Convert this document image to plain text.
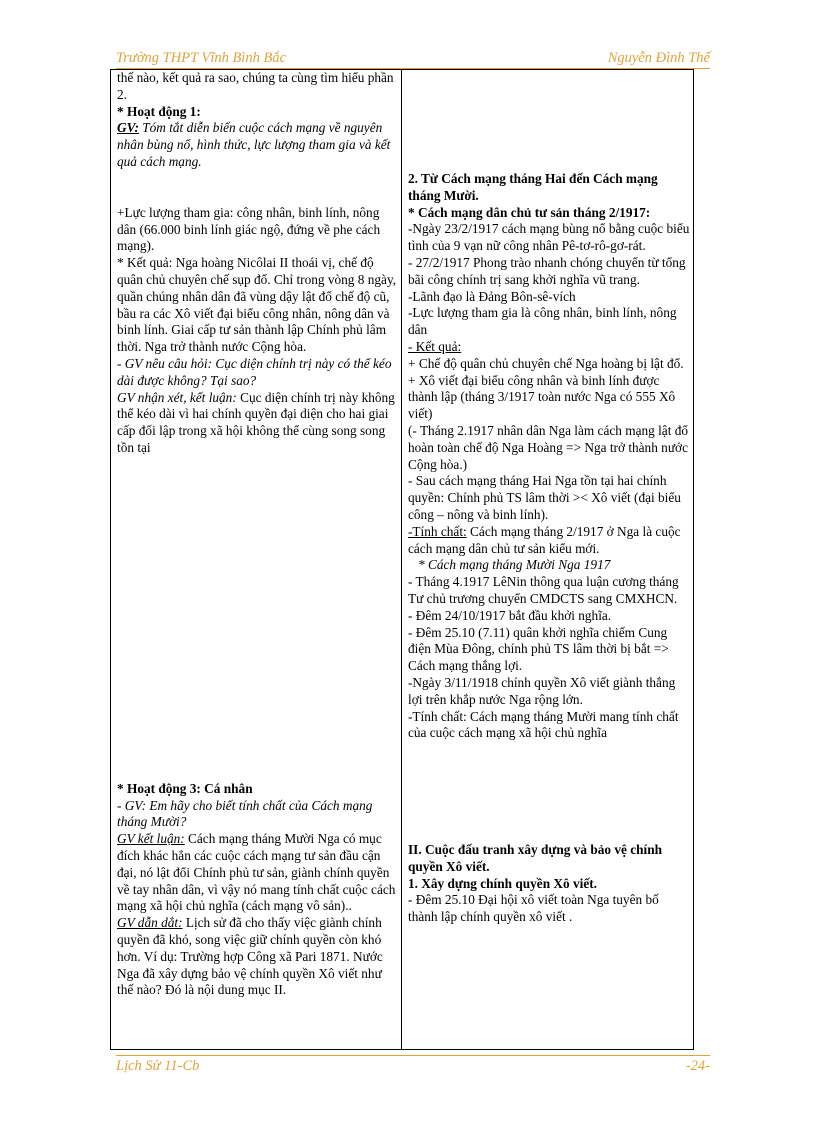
Trường THPT Vĩnh Bình Bắc	Nguyễn Đình Thế

thế nào, kết quả ra sao, chúng ta cùng tìm hiểu phần 2.

* Hoạt động 1:

GV: Tóm tắt diễn biến cuộc cách mạng về nguyên nhân bùng nổ, hình thức, lực lượng tham gia và kết quả cách mạng.

+Lực lượng tham gia: công nhân, binh lính, nông dân (66.000 binh lính giác ngộ, đứng về phe cách mạng).

* Kết quả: Nga hoàng Nicôlai II thoái vị, chế độ quân chủ chuyên chế sụp đổ. Chỉ trong vòng 8 ngày, quần chúng nhân dân đã vùng dậy lật đổ chế độ cũ, bầu ra các Xô viết đại biểu công nhân, nông dân và binh lính. Giai cấp tư sản thành lập Chính phủ lâm thời. Nga trở thành nước Cộng hòa.

- GV nêu câu hỏi: Cục diện chính trị này có thể kéo dài được không? Tại sao?

GV nhận xét, kết luận: Cục diện chính trị này không thể kéo dài vì hai chính quyền đại diện cho hai giai cấp đối lập trong xã hội không thể cùng song song tồn tại

* Hoạt động 3: Cá nhân

- GV: Em hãy cho biết tính chất của Cách mạng tháng Mười?

GV kết luận: Cách mạng tháng Mười Nga có mục đích khác hẳn các cuộc cách mạng tư sản đầu cận đại, nó lật đổi Chính phủ tư sản, giành chính quyền về tay nhân dân, vì vậy nó mang tính chất cuộc cách mạng xã hội chủ nghĩa (cách mạng vô sản)..

GV dẫn dắt: Lịch sử đã cho thấy việc giành chính quyền đã khó, song việc giữ chính quyền còn khó hơn. Ví dụ: Trường hợp Công xã Pari 1871. Nước Nga đã xây dựng bảo vệ chính quyền Xô viết như thế nào? Đó là nội dung mục II.

2. Từ Cách mạng tháng Hai đến Cách mạng tháng Mười.

* Cách mạng dân chủ tư sản tháng 2/1917:

-Ngày 23/2/1917 cách mạng bùng nổ bằng cuộc biểu tình của 9 vạn nữ công nhân Pê-tơ-rô-gơ-rát.

- 27/2/1917 Phong trào nhanh chóng chuyển từ tổng bãi công chính trị sang khởi nghĩa vũ trang.

-Lãnh đạo là Đảng Bôn-sê-vích

-Lực lượng tham gia là công nhân, binh lính, nông dân

- Kết quả:

+ Chế độ quân chủ chuyên chế Nga hoàng bị lật đổ.

+ Xô viết đại biểu công nhân và binh lính được thành lập (tháng 3/1917 toàn nước Nga có 555 Xô viết)

(- Tháng 2.1917 nhân dân Nga làm cách mạng lật đổ hoàn toàn chế độ Nga Hoàng => Nga trở thành nước Cộng hòa.)

- Sau cách mạng tháng Hai Nga tồn tại hai chính quyền: Chính phủ TS lâm thời >< Xô viết (đại biểu công – nông và binh lính).

-Tính chất: Cách mạng tháng 2/1917 ở Nga là cuộc cách mạng dân chủ tư sản kiểu mới.

* Cách mạng tháng Mười Nga 1917

- Tháng 4.1917 LêNin thông qua luận cương tháng Tư chủ trương chuyển CMDCTS sang CMXHCN.

- Đêm 24/10/1917 bắt đầu khởi nghĩa.

- Đêm 25.10 (7.11) quân khởi nghĩa chiếm Cung điện Mùa Đông, chính phủ TS lâm thời bị bắt => Cách mạng thắng lợi.

-Ngày 3/11/1918 chính quyền Xô viết giành thắng lợi trên khắp nước Nga rộng lớn.

-Tính chất: Cách mạng tháng Mười mang tính chất của cuộc cách mạng xã hội chủ nghĩa

II. Cuộc đấu tranh xây dựng và bảo vệ chính quyền Xô viết.

1. Xây dựng chính quyền Xô viết.

- Đêm 25.10 Đại hội xô viết toàn Nga tuyên bố thành lập chính quyền xô viết .

Lịch Sử 11-Cb	-24-
